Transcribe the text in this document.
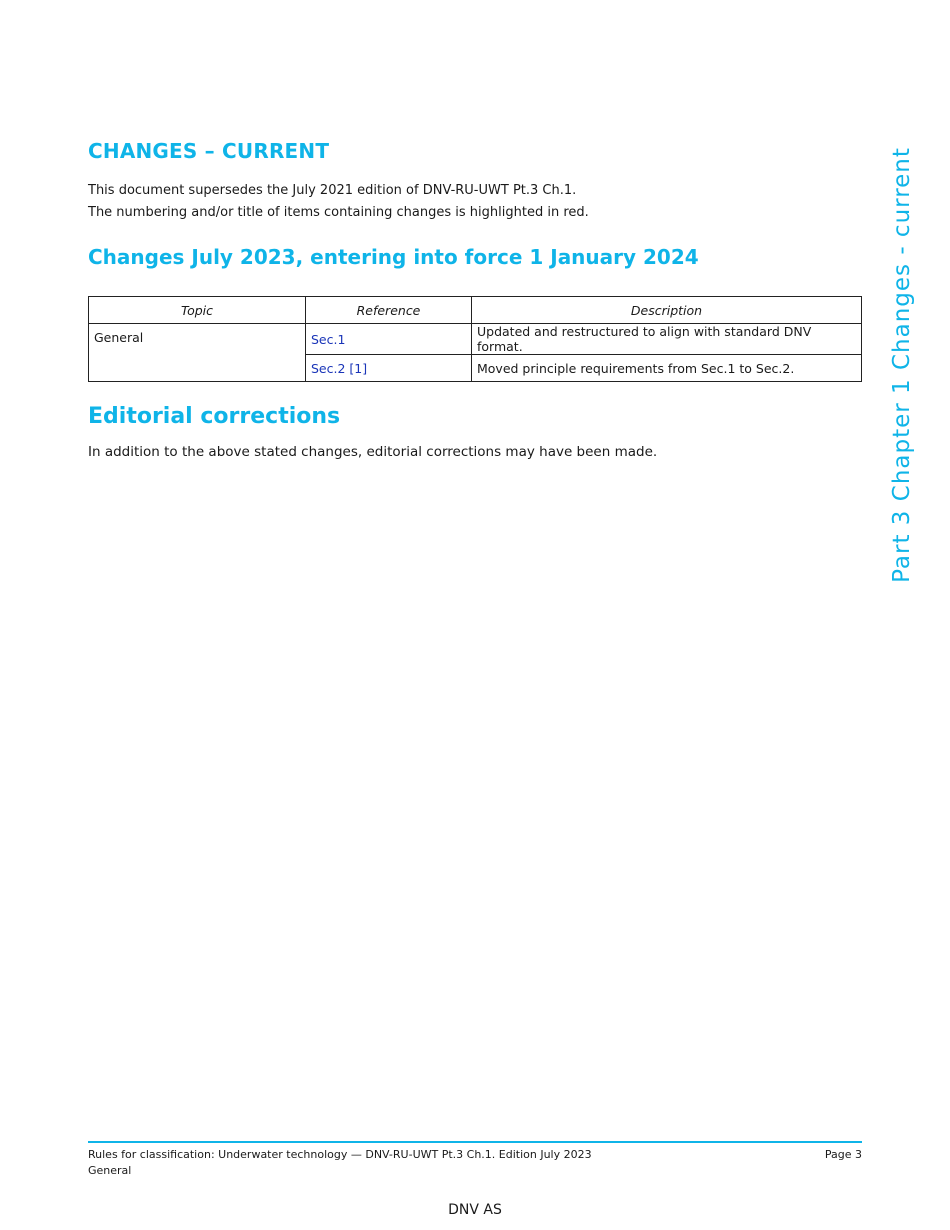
CHANGES – CURRENT

This document supersedes the July 2021 edition of DNV-RU-UWT Pt.3 Ch.1.

The numbering and/or title of items containing changes is highlighted in red.

Changes July 2023, entering into force 1 January 2024
Topic	Reference	Description
General	Sec.1	Updated and restructured to align with standard DNV format.
	Sec.2 [1]	Moved principle requirements from Sec.1 to Sec.2.
Editorial corrections

In addition to the above stated changes, editorial corrections may have been made.	Part 3 Chapter 1 Changes - current
Rules for classification: Underwater technology — DNV-RU-UWT Pt.3 Ch.1. Edition July 2023
General
Page 3
DNV AS
